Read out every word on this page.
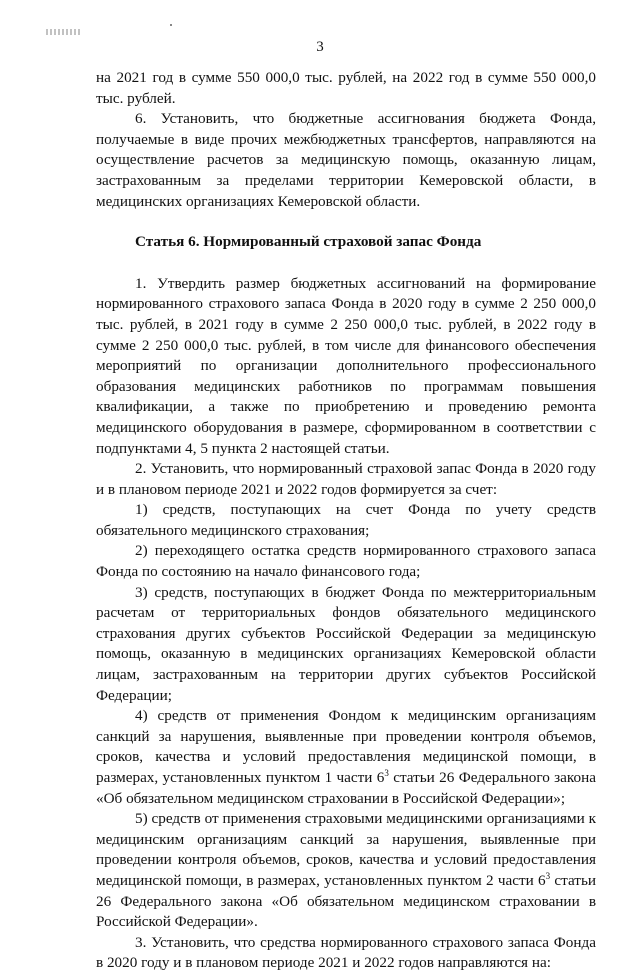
3

на 2021 год в сумме 550 000,0 тыс. рублей, на 2022 год в сумме 550 000,0 тыс. рублей.

6. Установить, что бюджетные ассигнования бюджета Фонда, получаемые в виде прочих межбюджетных трансфертов, направляются на осуществление расчетов за медицинскую помощь, оказанную лицам, застрахованным за пределами территории Кемеровской области, в медицинских организациях Кемеровской области.

Статья 6. Нормированный страховой запас Фонда

1. Утвердить размер бюджетных ассигнований на формирование нормированного страхового запаса Фонда в 2020 году в сумме 2 250 000,0 тыс. рублей, в 2021 году в сумме 2 250 000,0 тыс. рублей, в 2022 году в сумме 2 250 000,0 тыс. рублей, в том числе для финансового обеспечения мероприятий по организации дополнительного профессионального образования медицинских работников по программам повышения квалификации, а также по приобретению и проведению ремонта медицинского оборудования в размере, сформированном в соответствии с подпунктами 4, 5 пункта 2 настоящей статьи.

2. Установить, что нормированный страховой запас Фонда в 2020 году и в плановом периоде 2021 и 2022 годов формируется за счет:

1) средств, поступающих на счет Фонда по учету средств обязательного медицинского страхования;

2) переходящего остатка средств нормированного страхового запаса Фонда по состоянию на начало финансового года;

3) средств, поступающих в бюджет Фонда по межтерриториальным расчетам от территориальных фондов обязательного медицинского страхования других субъектов Российской Федерации за медицинскую помощь, оказанную в медицинских организациях Кемеровской области лицам, застрахованным на территории других субъектов Российской Федерации;

4) средств от применения Фондом к медицинским организациям санкций за нарушения, выявленные при проведении контроля объемов, сроков, качества и условий предоставления медицинской помощи, в размерах, установленных пунктом 1 части $6^3$ статьи 26 Федерального закона «Об обязательном медицинском страховании в Российской Федерации»;

5) средств от применения страховыми медицинскими организациями к медицинским организациям санкций за нарушения, выявленные при проведении контроля объемов, сроков, качества и условий предоставления медицинской помощи, в размерах, установленных пунктом 2 части $6^3$ статьи 26 Федерального закона «Об обязательном медицинском страховании в Российской Федерации».

3. Установить, что средства нормированного страхового запаса Фонда в 2020 году и в плановом периоде 2021 и 2022 годов направляются на:
